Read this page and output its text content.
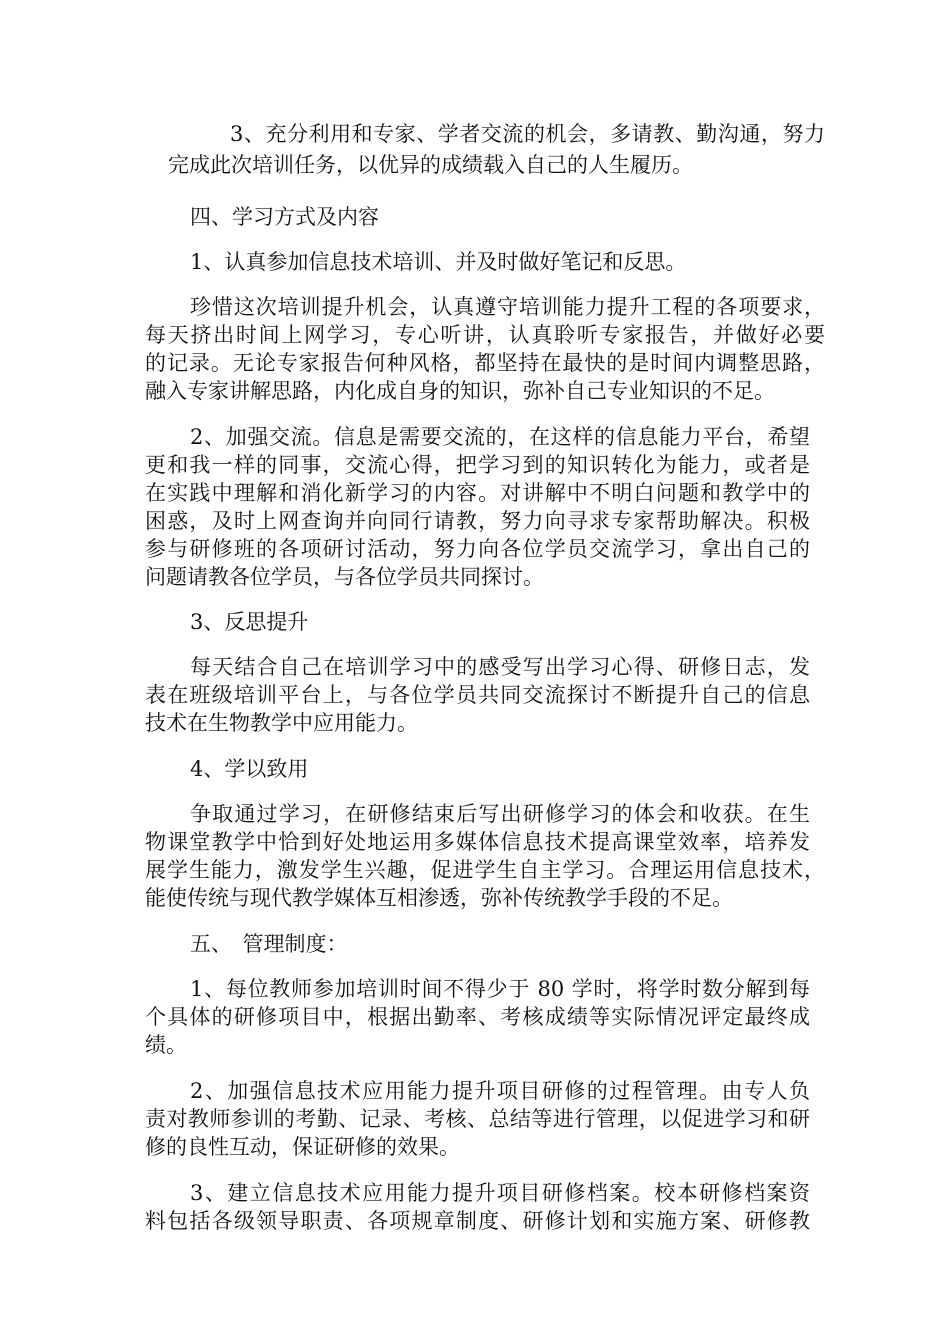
3、充分利用和专家、学者交流的机会，多请教、勤沟通，努力
完成此次培训任务，以优异的成绩载入自己的人生履历。
四、学习方式及内容
1、认真参加信息技术培训、并及时做好笔记和反思。
珍惜这次培训提升机会，认真遵守培训能力提升工程的各项要求，
每天挤出时间上网学习，专心听讲，认真聆听专家报告，并做好必要
的记录。无论专家报告何种风格，都坚持在最快的是时间内调整思路，
融入专家讲解思路，内化成自身的知识，弥补自己专业知识的不足。
2、加强交流。信息是需要交流的，在这样的信息能力平台，希望
更和我一样的同事，交流心得，把学习到的知识转化为能力，或者是
在实践中理解和消化新学习的内容。对讲解中不明白问题和教学中的
困惑，及时上网查询并向同行请教，努力向寻求专家帮助解决。积极
参与研修班的各项研讨活动，努力向各位学员交流学习，拿出自己的
问题请教各位学员，与各位学员共同探讨。
3、反思提升
每天结合自己在培训学习中的感受写出学习心得、研修日志，发
表在班级培训平台上，与各位学员共同交流探讨不断提升自己的信息
技术在生物教学中应用能力。
4、学以致用
争取通过学习，在研修结束后写出研修学习的体会和收获。在生
物课堂教学中恰到好处地运用多媒体信息技术提高课堂效率，培养发
展学生能力，激发学生兴趣，促进学生自主学习。合理运用信息技术，
能使传统与现代教学媒体互相渗透，弥补传统教学手段的不足。
五、　管理制度：
1、每位教师参加培训时间不得少于 80 学时，将学时数分解到每
个具体的研修项目中，根据出勤率、考核成绩等实际情况评定最终成
绩。
2、加强信息技术应用能力提升项目研修的过程管理。由专人负
责对教师参训的考勤、记录、考核、总结等进行管理，以促进学习和研
修的良性互动，保证研修的效果。
3、建立信息技术应用能力提升项目研修档案。校本研修档案资
料包括各级领导职责、各项规章制度、研修计划和实施方案、研修教
